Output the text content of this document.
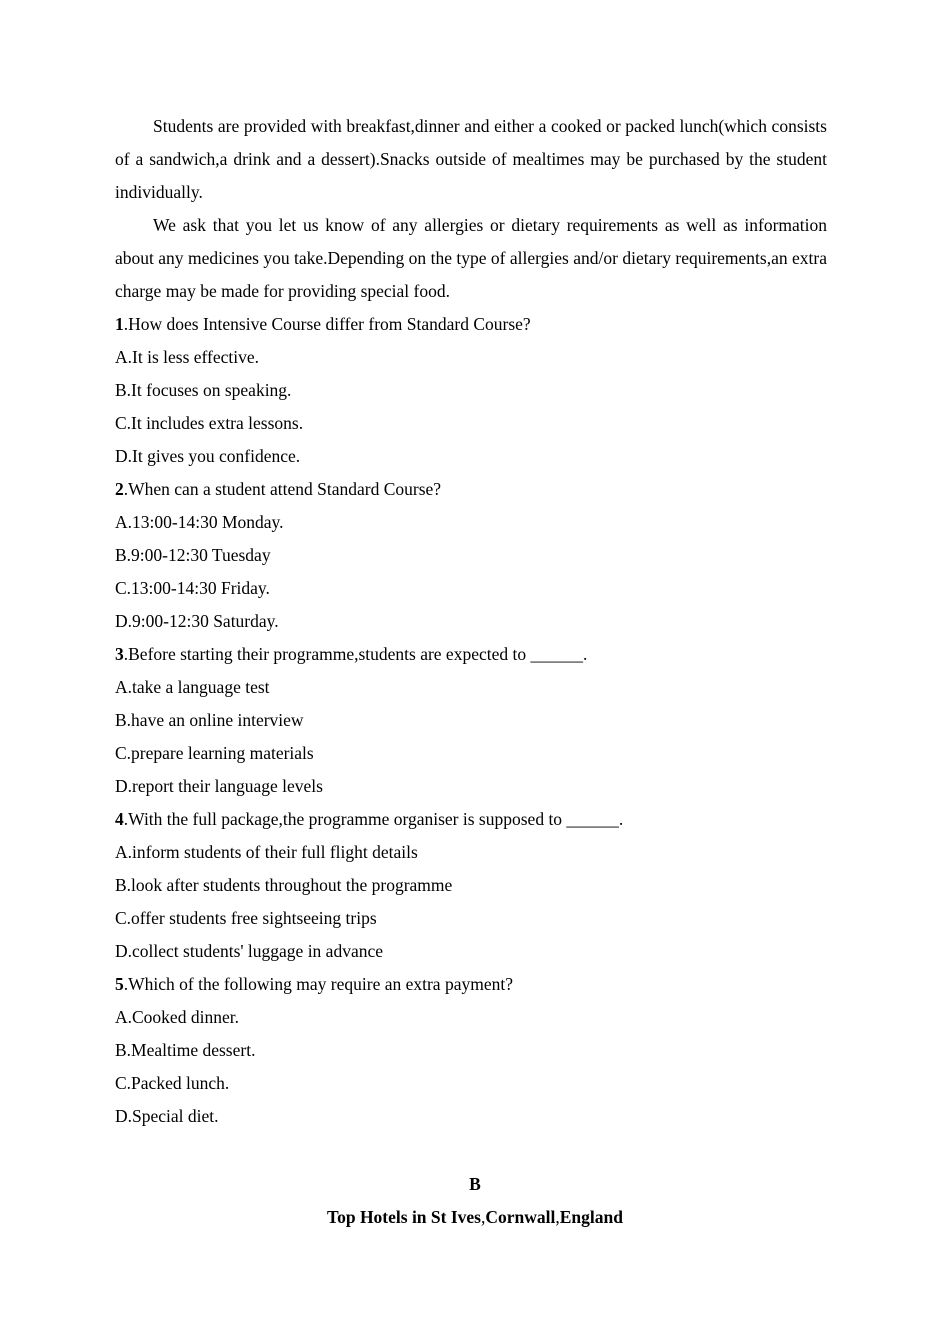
Students are provided with breakfast,dinner and either a cooked or packed lunch(which consists of a sandwich,a drink and a dessert).Snacks outside of mealtimes may be purchased by the student individually.

We ask that you let us know of any allergies or dietary requirements as well as information about any medicines you take.Depending on the type of allergies and/or dietary requirements,an extra charge may be made for providing special food.

1.How does Intensive Course differ from Standard Course?

A.It is less effective.

B.It focuses on speaking.

C.It includes extra lessons.

D.It gives you confidence.

2.When can a student attend Standard Course?

A.13:00-14:30 Monday.

B.9:00-12:30 Tuesday

C.13:00-14:30 Friday.

D.9:00-12:30 Saturday.

3.Before starting their programme,students are expected to ______.

A.take a language test

B.have an online interview

C.prepare learning materials

D.report their language levels

4.With the full package,the programme organiser is supposed to ______.

A.inform students of their full flight details

B.look after students throughout the programme

C.offer students free sightseeing trips

D.collect students' luggage in advance

5.Which of the following may require an extra payment?

A.Cooked dinner.

B.Mealtime dessert.

C.Packed lunch.

D.Special diet.

B

Top Hotels in St Ives,Cornwall,England
